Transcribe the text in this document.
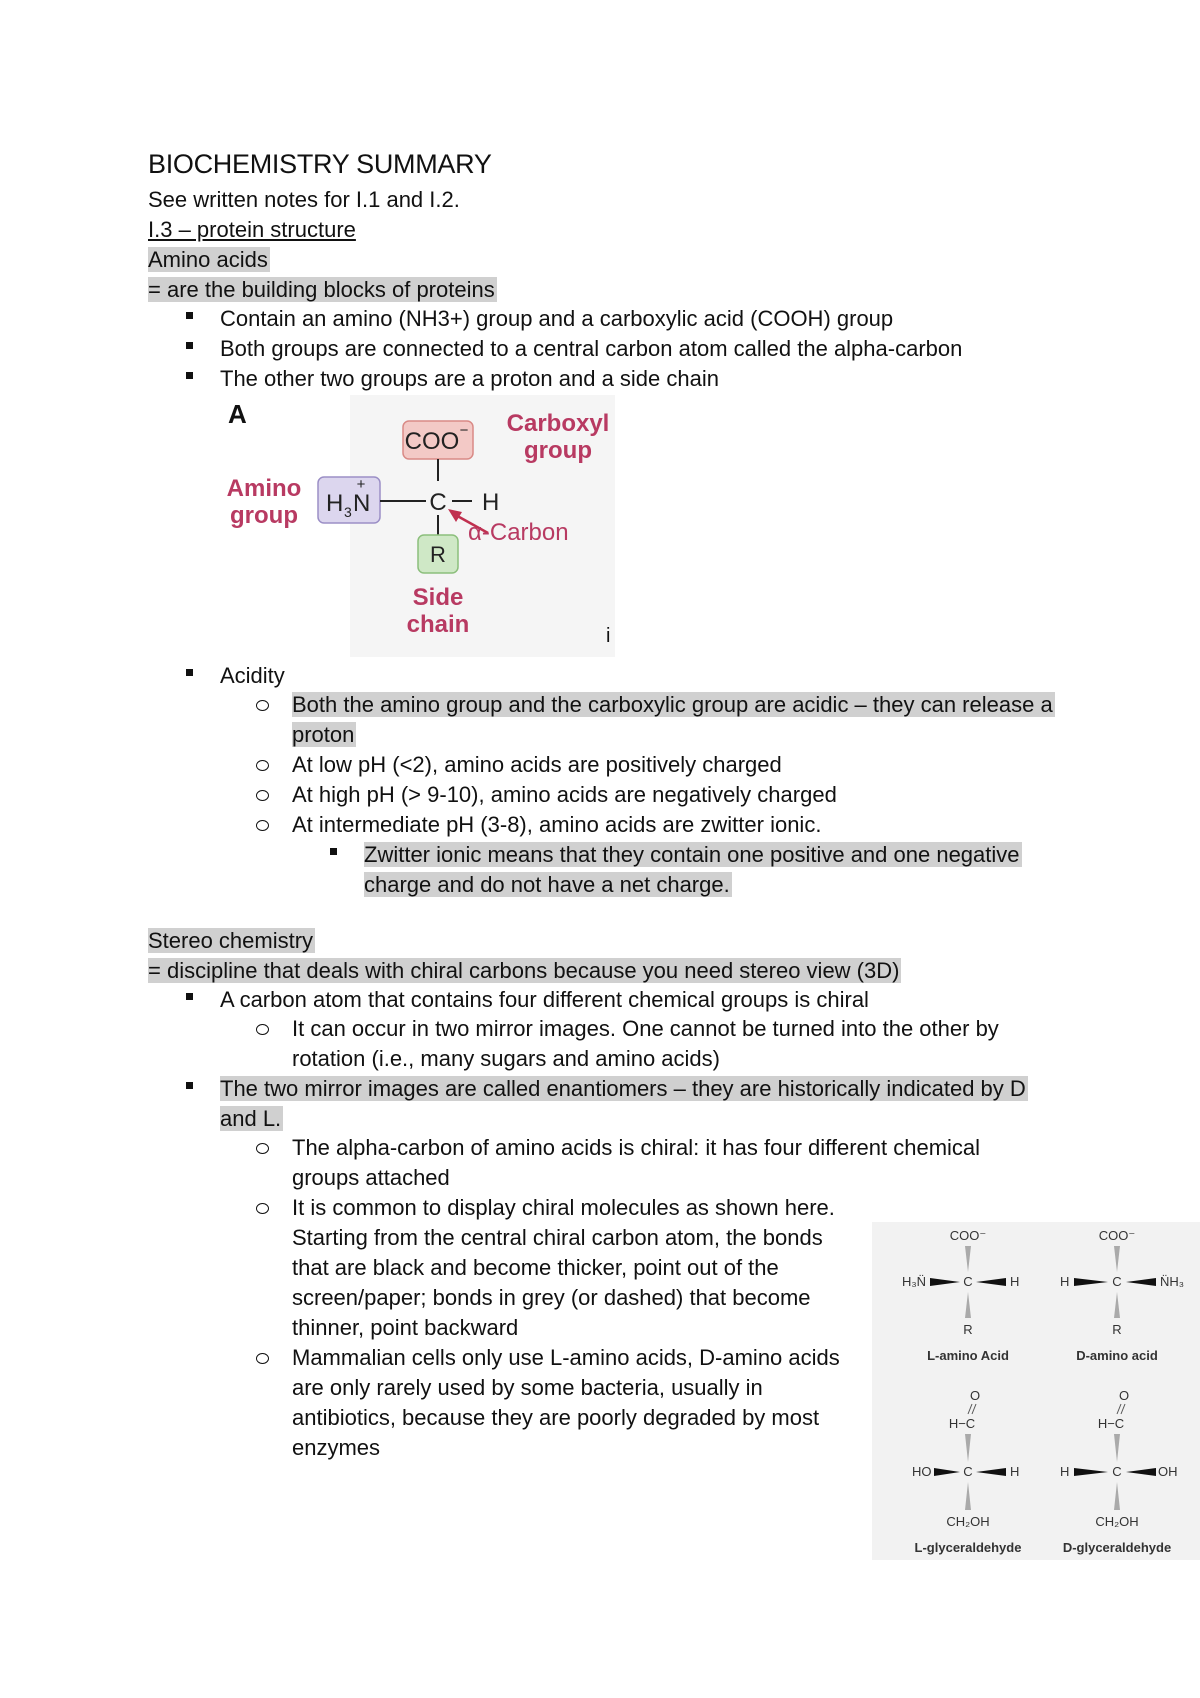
BIOCHEMISTRY SUMMARY
See written notes for I.1 and I.2.
I.3 – protein structure
Amino acids
= are the building blocks of proteins
Contain an amino (NH3+) group and a carboxylic acid (COOH) group
Both groups are connected to a central carbon atom called the alpha-carbon
The other two groups are a proton and a side chain
A
Amino
group
Carboxyl
group
COO −
H 3 N
+
C H
α-Carbon
R
Side
chain	i
Acidity
Both the amino group and the carboxylic group are acidic – they can release a
proton
At low pH (<2), amino acids are positively charged
At high pH (> 9-10), amino acids are negatively charged
At intermediate pH (3-8), amino acids are zwitter ionic.
Zwitter ionic means that they contain one positive and one negative
charge and do not have a net charge.
Stereo chemistry
= discipline that deals with chiral carbons because you need stereo view (3D)
A carbon atom that contains four different chemical groups is chiral
It can occur in two mirror images. One cannot be turned into the other by
rotation (i.e., many sugars and amino acids)
The two mirror images are called enantiomers – they are historically indicated by D
and L.
The alpha-carbon of amino acids is chiral: it has four different chemical
groups attached
It is common to display chiral molecules as shown here.
Starting from the central chiral carbon atom, the bonds
that are black and become thicker, point out of the
screen/paper; bonds in grey (or dashed) that become
thinner, point backward
Mammalian cells only use L-amino acids, D-amino acids
are only rarely used by some bacteria, usually in
antibiotics, because they are poorly degraded by most
enzymes
COO⁻
H₃N̈	C	H
R
L-amino Acid
COO⁻
H	C	N̈H₃
R
D-amino acid
O
H−C
HO C	H
CH₂OH
L-glyceraldehyde
O
H−C
H	C	OH
CH₂OH
D-glyceraldehyde
